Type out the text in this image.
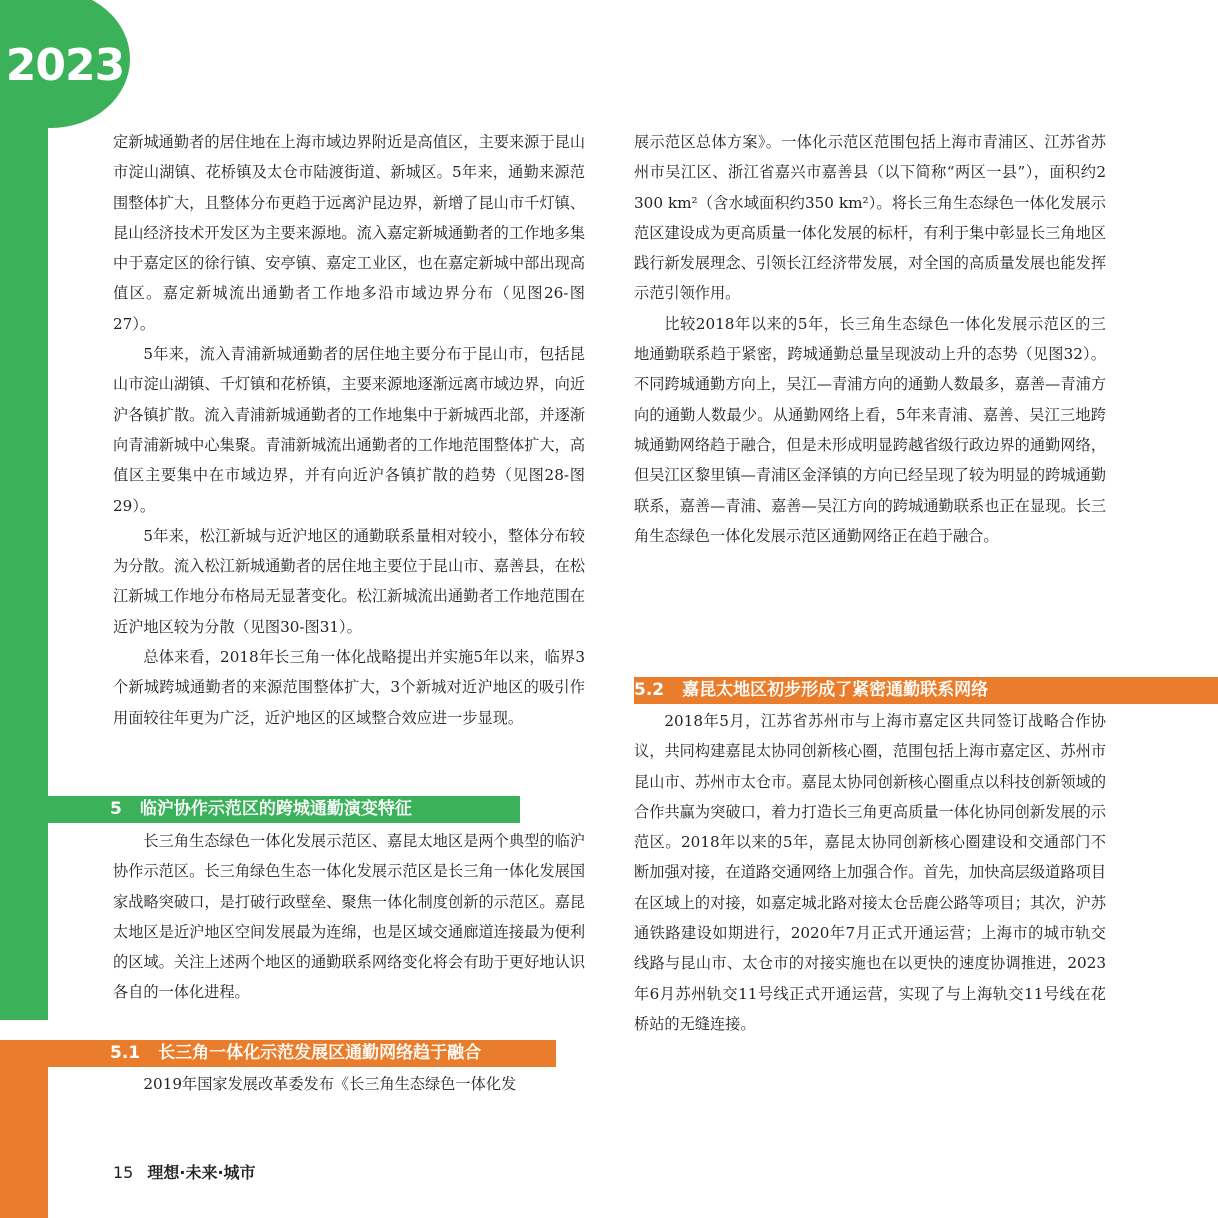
2023

定新城通勤者的居住地在上海市域边界附近是高值区，主要来源于昆山市淀山湖镇、花桥镇及太仓市陆渡街道、新城区。5年来，通勤来源范围整体扩大，且整体分布更趋于远离沪昆边界，新增了昆山市千灯镇、昆山经济技术开发区为主要来源地。流入嘉定新城通勤者的工作地多集中于嘉定区的徐行镇、安亭镇、嘉定工业区，也在嘉定新城中部出现高值区。嘉定新城流出通勤者工作地多沿市域边界分布（见图26-图27）。

5年来，流入青浦新城通勤者的居住地主要分布于昆山市，包括昆山市淀山湖镇、千灯镇和花桥镇，主要来源地逐渐远离市域边界，向近沪各镇扩散。流入青浦新城通勤者的工作地集中于新城西北部，并逐渐向青浦新城中心集聚。青浦新城流出通勤者的工作地范围整体扩大，高值区主要集中在市域边界，并有向近沪各镇扩散的趋势（见图28-图29）。

5年来，松江新城与近沪地区的通勤联系量相对较小，整体分布较为分散。流入松江新城通勤者的居住地主要位于昆山市、嘉善县，在松江新城工作地分布格局无显著变化。松江新城流出通勤者工作地范围在近沪地区较为分散（见图30-图31）。

总体来看，2018年长三角一体化战略提出并实施5年以来，临界3个新城跨城通勤者的来源范围整体扩大，3个新城对近沪地区的吸引作用面较往年更为广泛，近沪地区的区域整合效应进一步显现。

5 临沪协作示范区的跨城通勤演变特征

长三角生态绿色一体化发展示范区、嘉昆太地区是两个典型的临沪协作示范区。长三角绿色生态一体化发展示范区是长三角一体化发展国家战略突破口，是打破行政壁垒、聚焦一体化制度创新的示范区。嘉昆太地区是近沪地区空间发展最为连绵，也是区域交通廊道连接最为便利的区域。关注上述两个地区的通勤联系网络变化将会有助于更好地认识各自的一体化进程。

5.1 长三角一体化示范发展区通勤网络趋于融合

2019年国家发展改革委发布《长三角生态绿色一体化发

展示范区总体方案》。一体化示范区范围包括上海市青浦区、江苏省苏州市吴江区、浙江省嘉兴市嘉善县（以下简称“两区一县”），面积约2 300 km²（含水域面积约350 km²）。将长三角生态绿色一体化发展示范区建设成为更高质量一体化发展的标杆，有利于集中彰显长三角地区践行新发展理念、引领长江经济带发展，对全国的高质量发展也能发挥示范引领作用。

比较2018年以来的5年，长三角生态绿色一体化发展示范区的三地通勤联系趋于紧密，跨城通勤总量呈现波动上升的态势（见图32）。不同跨城通勤方向上，吴江—青浦方向的通勤人数最多，嘉善—青浦方向的通勤人数最少。从通勤网络上看，5年来青浦、嘉善、吴江三地跨城通勤网络趋于融合，但是未形成明显跨越省级行政边界的通勤网络，但吴江区黎里镇—青浦区金泽镇的方向已经呈现了较为明显的跨城通勤联系，嘉善—青浦、嘉善—吴江方向的跨城通勤联系也正在显现。长三角生态绿色一体化发展示范区通勤网络正在趋于融合。

5.2 嘉昆太地区初步形成了紧密通勤联系网络

2018年5月，江苏省苏州市与上海市嘉定区共同签订战略合作协议，共同构建嘉昆太协同创新核心圈，范围包括上海市嘉定区、苏州市昆山市、苏州市太仓市。嘉昆太协同创新核心圈重点以科技创新领域的合作共赢为突破口，着力打造长三角更高质量一体化协同创新发展的示范区。2018年以来的5年，嘉昆太协同创新核心圈建设和交通部门不断加强对接，在道路交通网络上加强合作。首先，加快高层级道路项目在区域上的对接，如嘉定城北路对接太仓岳鹿公路等项目；其次，沪苏通铁路建设如期进行，2020年7月正式开通运营；上海市的城市轨交线路与昆山市、太仓市的对接实施也在以更快的速度协调推进，2023年6月苏州轨交11号线正式开通运营，实现了与上海轨交11号线在花桥站的无缝连接。

15 理想·未来·城市
